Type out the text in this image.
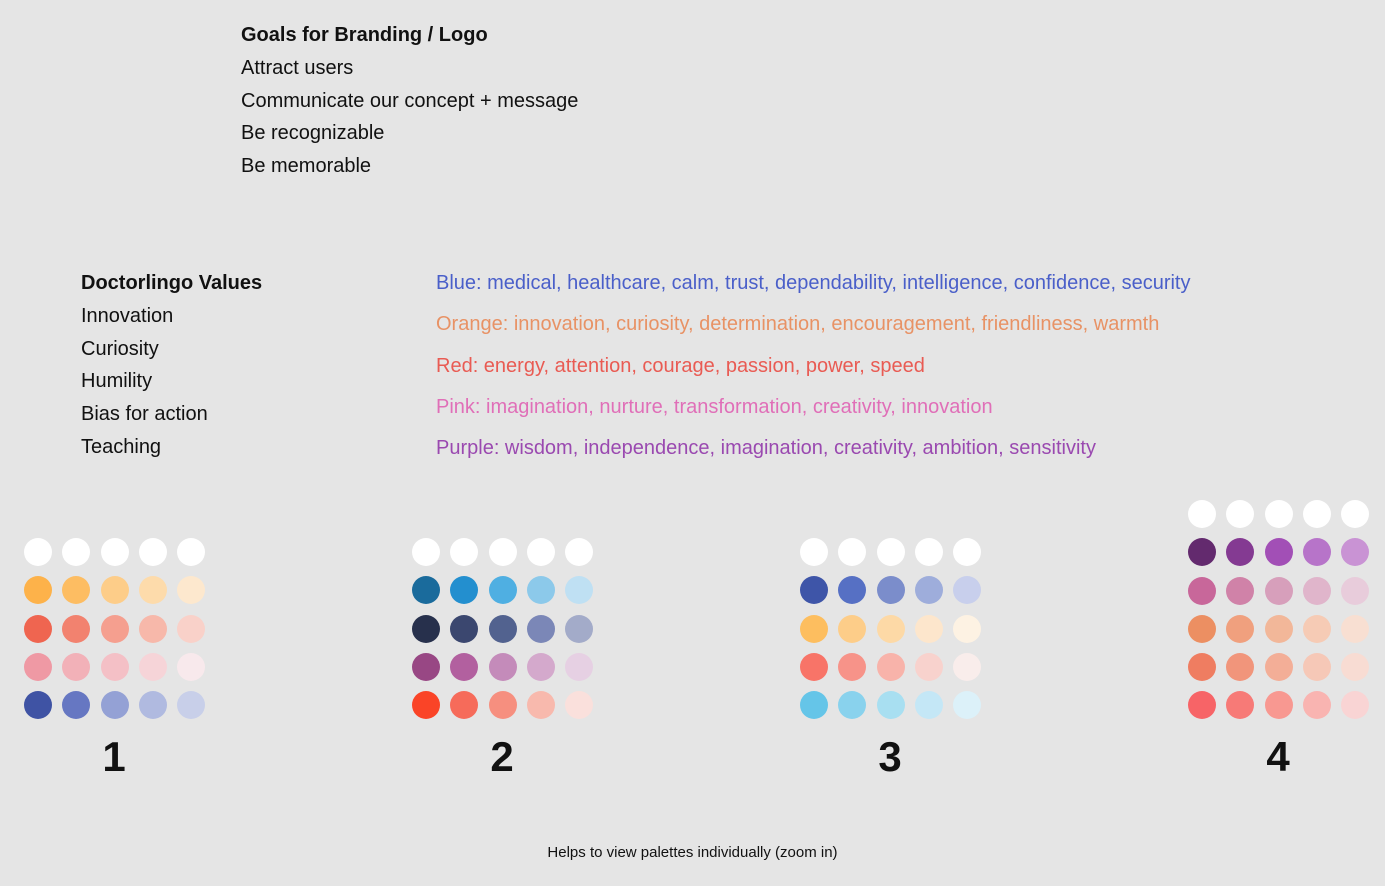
Goals for Branding / Logo
Attract users
Communicate our concept + message
Be recognizable
Be memorable
Doctorlingo Values
Innovation
Curiosity
Humility
Bias for action
Teaching
Blue: medical, healthcare, calm, trust, dependability, intelligence, confidence, security
Orange: innovation, curiosity, determination, encouragement, friendliness, warmth
Red: energy, attention, courage, passion, power, speed
Pink: imagination, nurture, transformation, creativity, innovation
Purple: wisdom, independence, imagination, creativity, ambition, sensitivity
1	2	3	4
Helps to view palettes individually (zoom in)
